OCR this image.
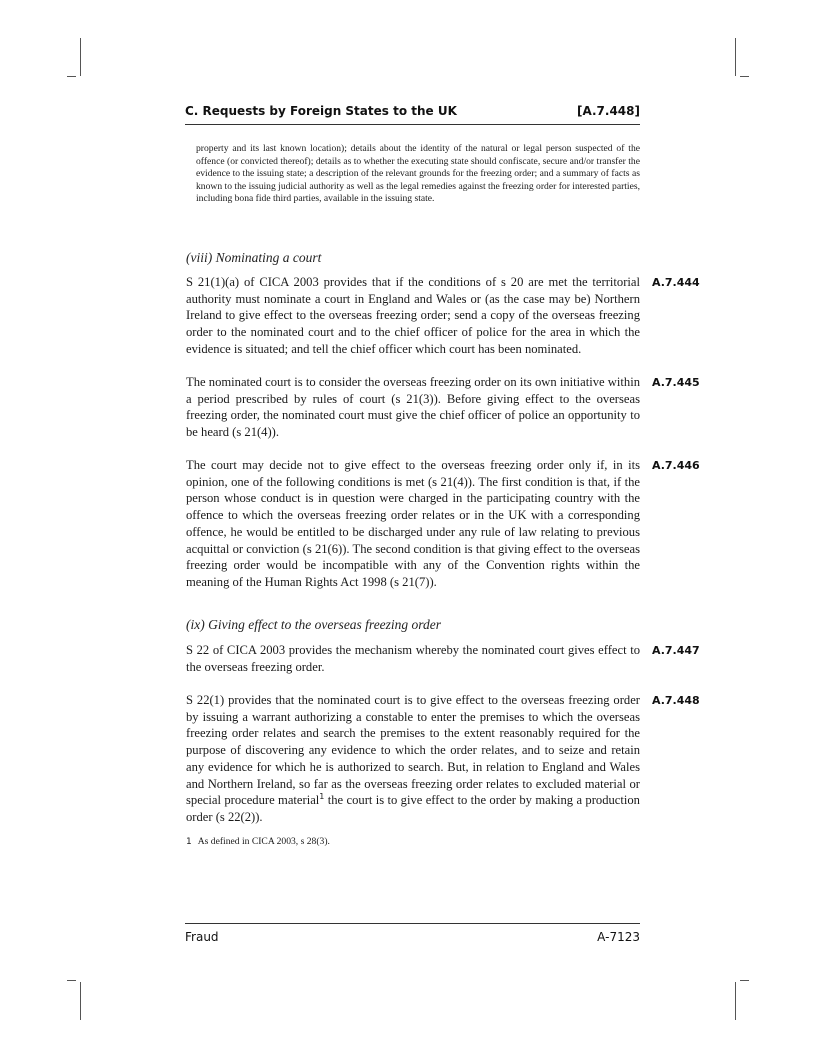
C. Requests by Foreign States to the UK	[A.7.448]
property and its last known location); details about the identity of the natural or legal person suspected of the offence (or convicted thereof); details as to whether the executing state should confiscate, secure and/or transfer the evidence to the issuing state; a description of the relevant grounds for the freezing order; and a summary of facts as known to the issuing judicial authority as well as the legal remedies against the freezing order for interested parties, including bona fide third parties, available in the issuing state.
(viii) Nominating a court
S 21(1)(a) of CICA 2003 provides that if the conditions of s 20 are met the territorial authority must nominate a court in England and Wales or (as the case may be) Northern Ireland to give effect to the overseas freezing order; send a copy of the overseas freezing order to the nominated court and to the chief officer of police for the area in which the evidence is situated; and tell the chief officer which court has been nominated.
A.7.444
The nominated court is to consider the overseas freezing order on its own initiative within a period prescribed by rules of court (s 21(3)). Before giving effect to the overseas freezing order, the nominated court must give the chief officer of police an opportunity to be heard (s 21(4)).
A.7.445
The court may decide not to give effect to the overseas freezing order only if, in its opinion, one of the following conditions is met (s 21(4)). The first condition is that, if the person whose conduct is in question were charged in the participating country with the offence to which the overseas freezing order relates or in the UK with a corresponding offence, he would be entitled to be discharged under any rule of law relating to previous acquittal or conviction (s 21(6)). The second condition is that giving effect to the overseas freezing order would be incompatible with any of the Convention rights within the meaning of the Human Rights Act 1998 (s 21(7)).
A.7.446
(ix) Giving effect to the overseas freezing order
S 22 of CICA 2003 provides the mechanism whereby the nominated court gives effect to the overseas freezing order.
A.7.447
S 22(1) provides that the nominated court is to give effect to the overseas freezing order by issuing a warrant authorizing a constable to enter the premises to which the overseas freezing order relates and search the premises to the extent reasonably required for the purpose of discovering any evidence to which the order relates, and to seize and retain any evidence for which he is authorized to search. But, in relation to England and Wales and Northern Ireland, so far as the overseas freezing order relates to excluded material or special procedure material$^1$ the court is to give effect to the order by making a production order (s 22(2)).
A.7.448
1 As defined in CICA 2003, s 28(3).
Fraud	A-7123
